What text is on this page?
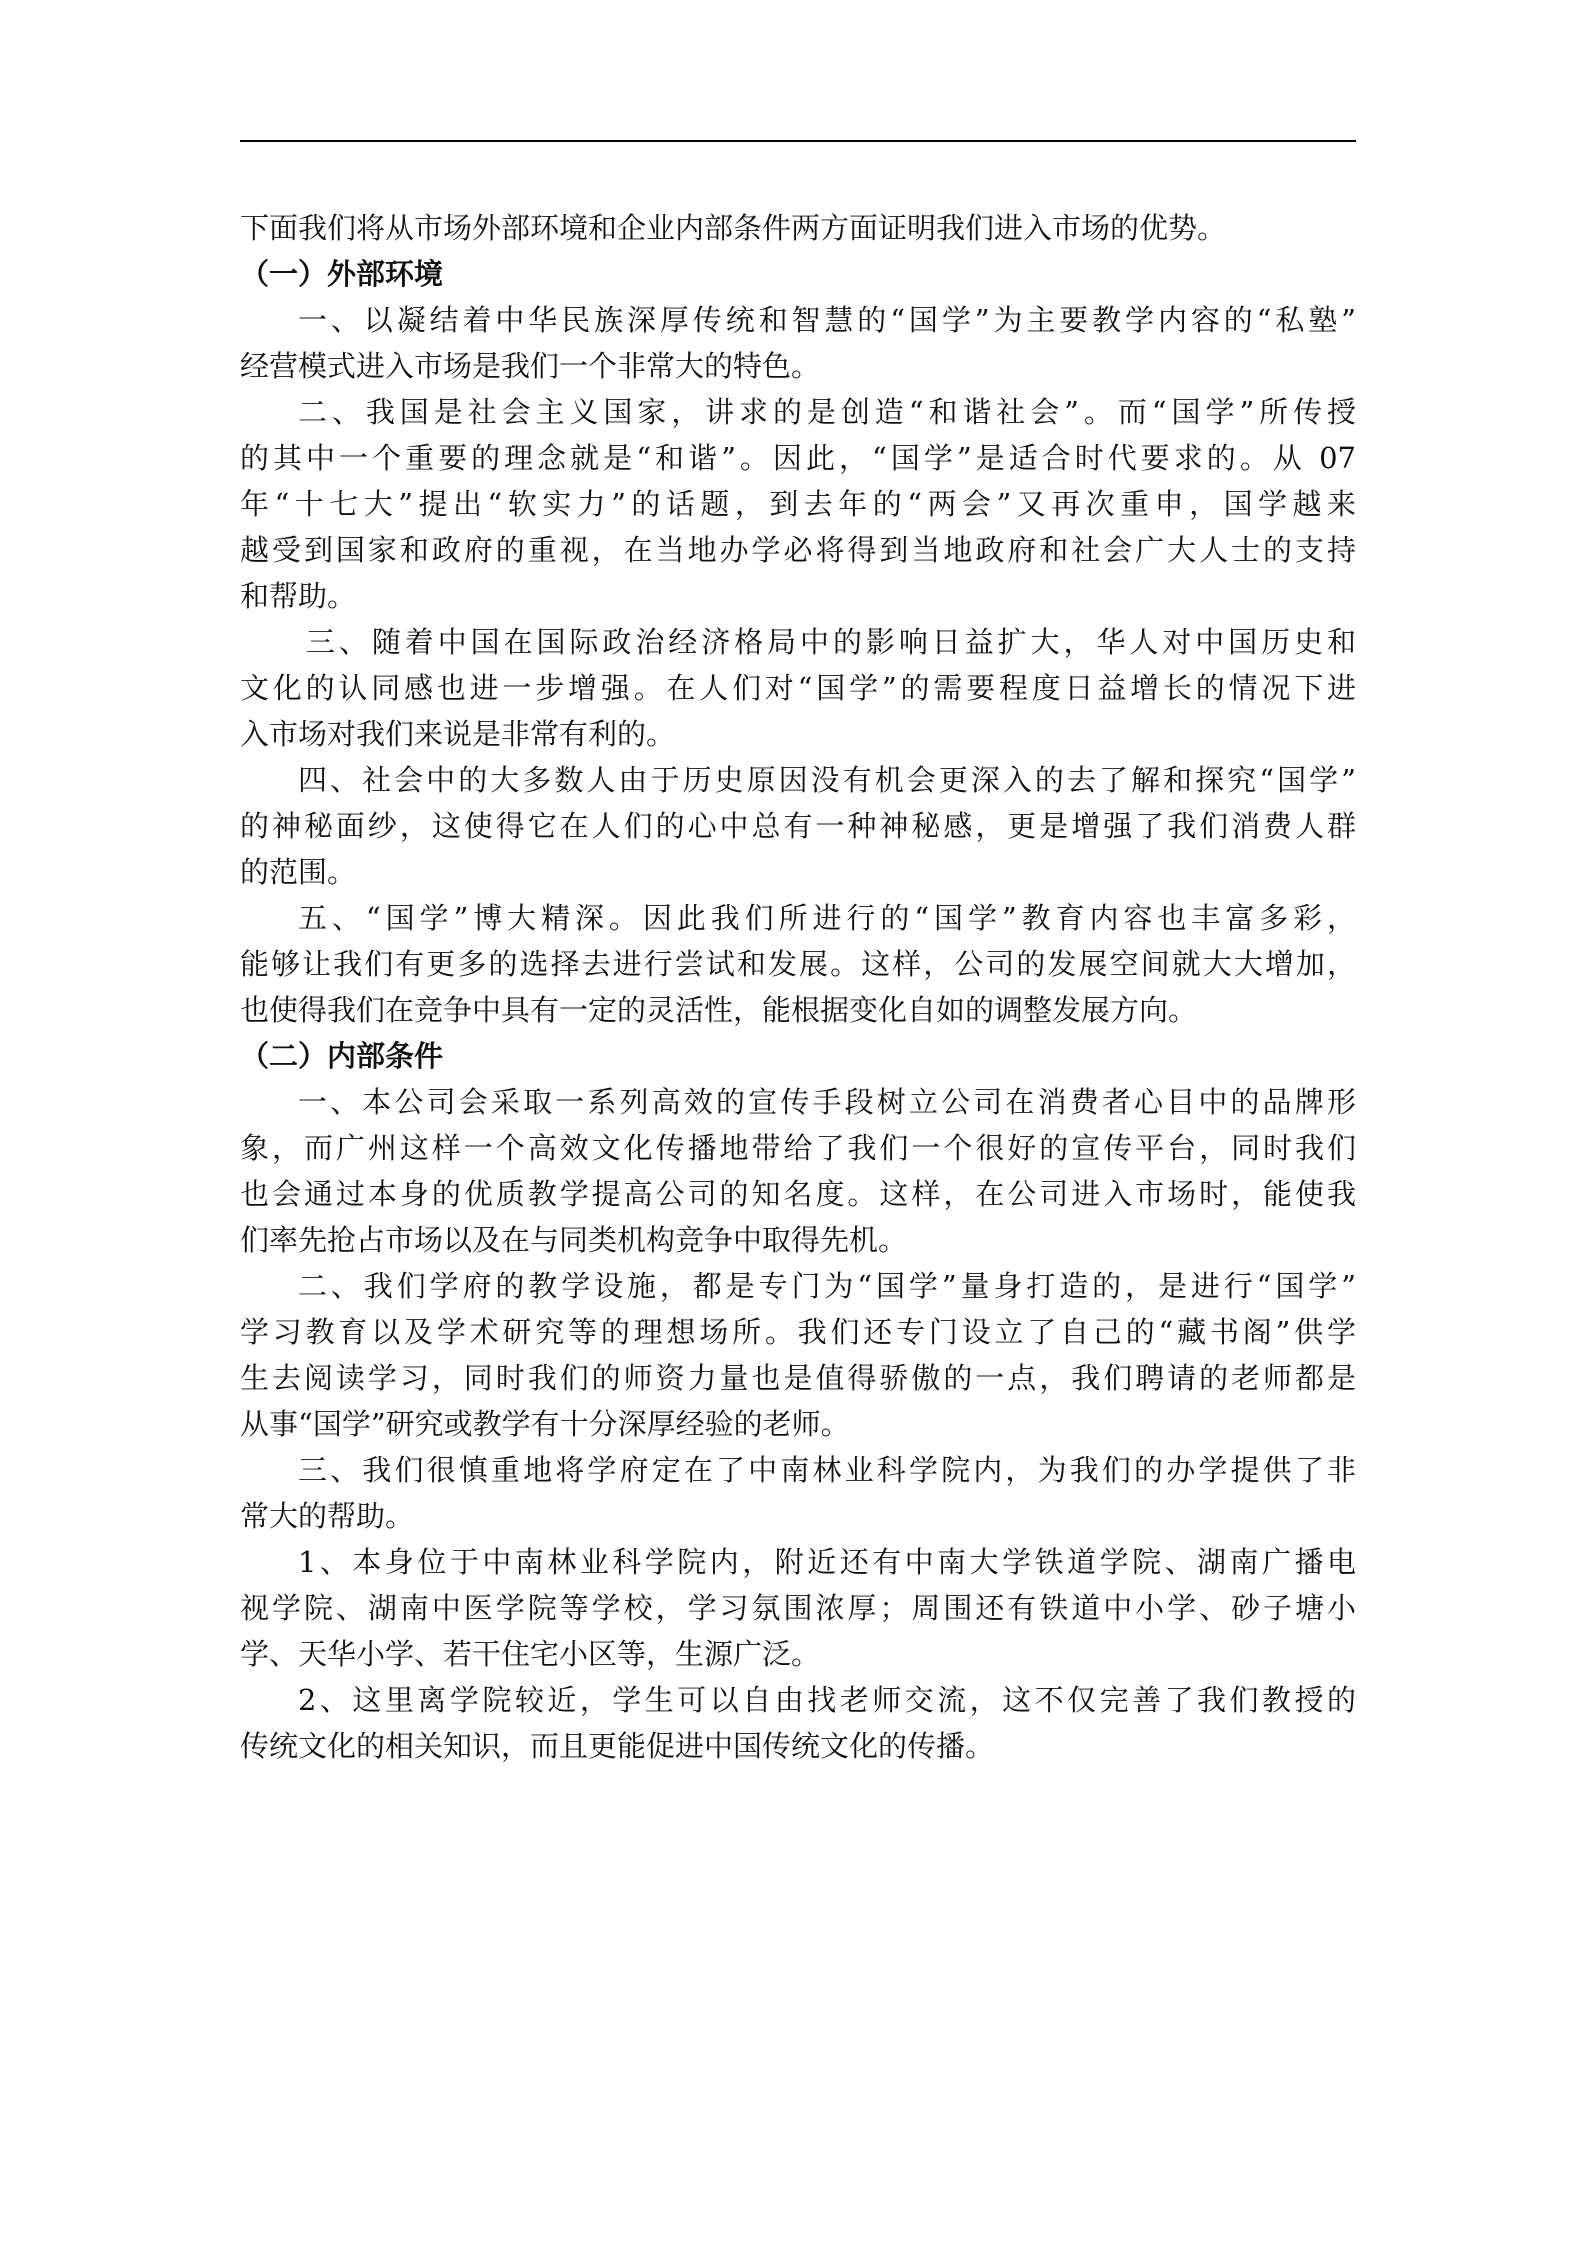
下面我们将从市场外部环境和企业内部条件两方面证明我们进入市场的优势。
（一）外部环境
一、以凝结着中华民族深厚传统和智慧的“国学”为主要教学内容的“私塾”
经营模式进入市场是我们一个非常大的特色。
二、我国是社会主义国家，讲求的是创造“和谐社会”。而“国学”所传授
的其中一个重要的理念就是“和谐”。因此，“国学”是适合时代要求的。从 07
年“十七大”提出“软实力”的话题，到去年的“两会”又再次重申，国学越来
越受到国家和政府的重视，在当地办学必将得到当地政府和社会广大人士的支持
和帮助。
三、随着中国在国际政治经济格局中的影响日益扩大，华人对中国历史和
文化的认同感也进一步增强。在人们对“国学”的需要程度日益增长的情况下进
入市场对我们来说是非常有利的。
四、社会中的大多数人由于历史原因没有机会更深入的去了解和探究“国学”
的神秘面纱，这使得它在人们的心中总有一种神秘感，更是增强了我们消费人群
的范围。
五、“国学”博大精深。因此我们所进行的“国学”教育内容也丰富多彩，
能够让我们有更多的选择去进行尝试和发展。这样，公司的发展空间就大大增加，
也使得我们在竞争中具有一定的灵活性，能根据变化自如的调整发展方向。
（二）内部条件
一、本公司会采取一系列高效的宣传手段树立公司在消费者心目中的品牌形
象，而广州这样一个高效文化传播地带给了我们一个很好的宣传平台，同时我们
也会通过本身的优质教学提高公司的知名度。这样，在公司进入市场时，能使我
们率先抢占市场以及在与同类机构竞争中取得先机。
二、我们学府的教学设施，都是专门为“国学”量身打造的，是进行“国学”
学习教育以及学术研究等的理想场所。我们还专门设立了自己的“藏书阁”供学
生去阅读学习，同时我们的师资力量也是值得骄傲的一点，我们聘请的老师都是
从事“国学”研究或教学有十分深厚经验的老师。
三、我们很慎重地将学府定在了中南林业科学院内，为我们的办学提供了非
常大的帮助。
1、本身位于中南林业科学院内，附近还有中南大学铁道学院、湖南广播电
视学院、湖南中医学院等学校，学习氛围浓厚；周围还有铁道中小学、砂子塘小
学、天华小学、若干住宅小区等，生源广泛。
2、这里离学院较近，学生可以自由找老师交流，这不仅完善了我们教授的
传统文化的相关知识，而且更能促进中国传统文化的传播。
